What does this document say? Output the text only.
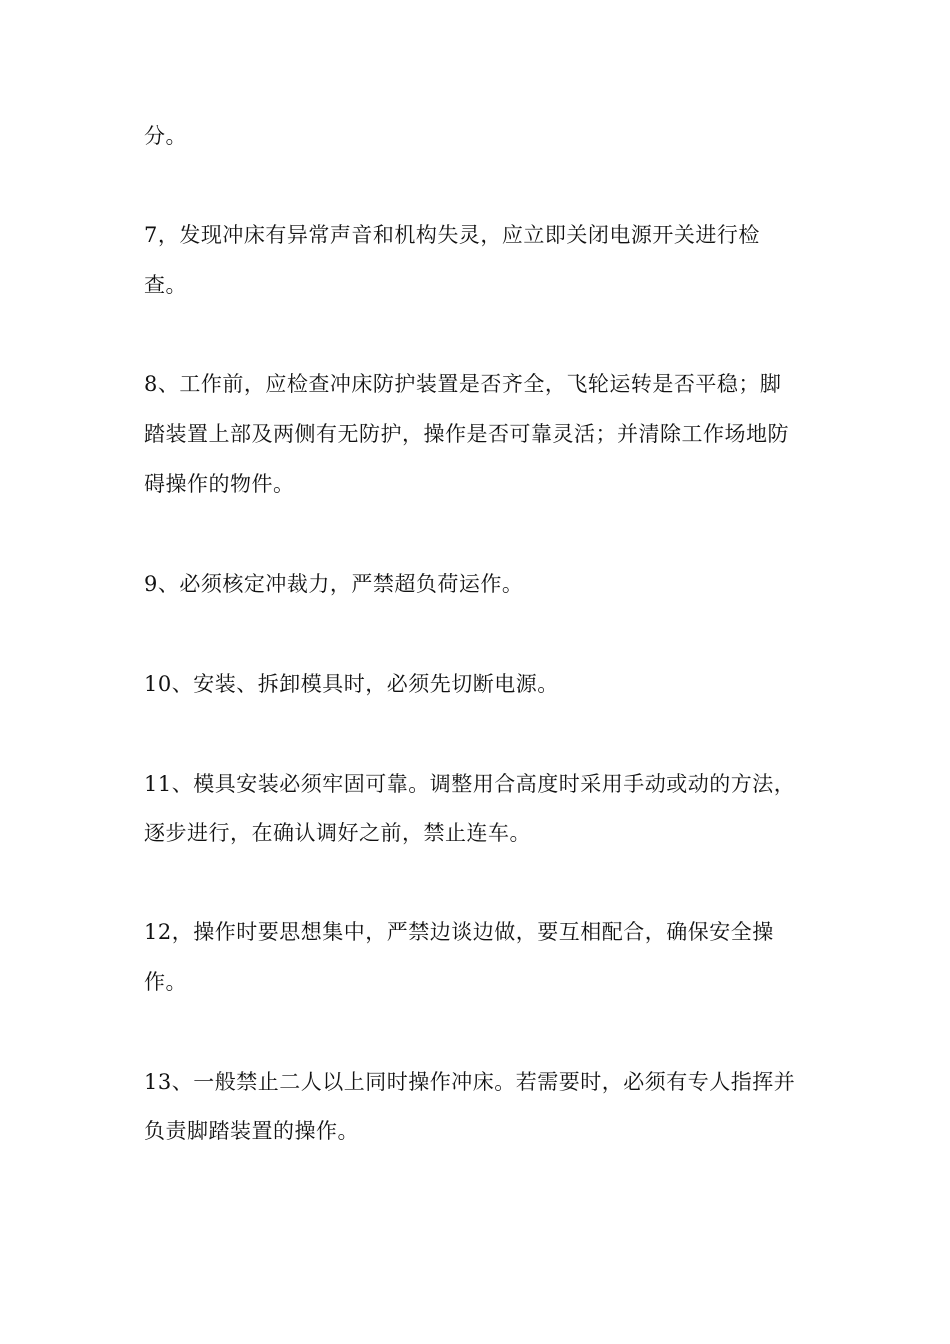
分。
7，发现冲床有异常声音和机构失灵，应立即关闭电源开关进行检
查。
8、工作前，应检查冲床防护装置是否齐全，飞轮运转是否平稳；脚
踏装置上部及两侧有无防护，操作是否可靠灵活；并清除工作场地防
碍操作的物件。
9、必须核定冲裁力，严禁超负荷运作。
10、安装、拆卸模具时，必须先切断电源。
11、模具安装必须牢固可靠。调整用合高度时采用手动或动的方法，
逐步进行，在确认调好之前，禁止连车。
12，操作时要思想集中，严禁边谈边做，要互相配合，确保安全操
作。
13、一般禁止二人以上同时操作冲床。若需要时，必须有专人指挥并
负责脚踏装置的操作。
